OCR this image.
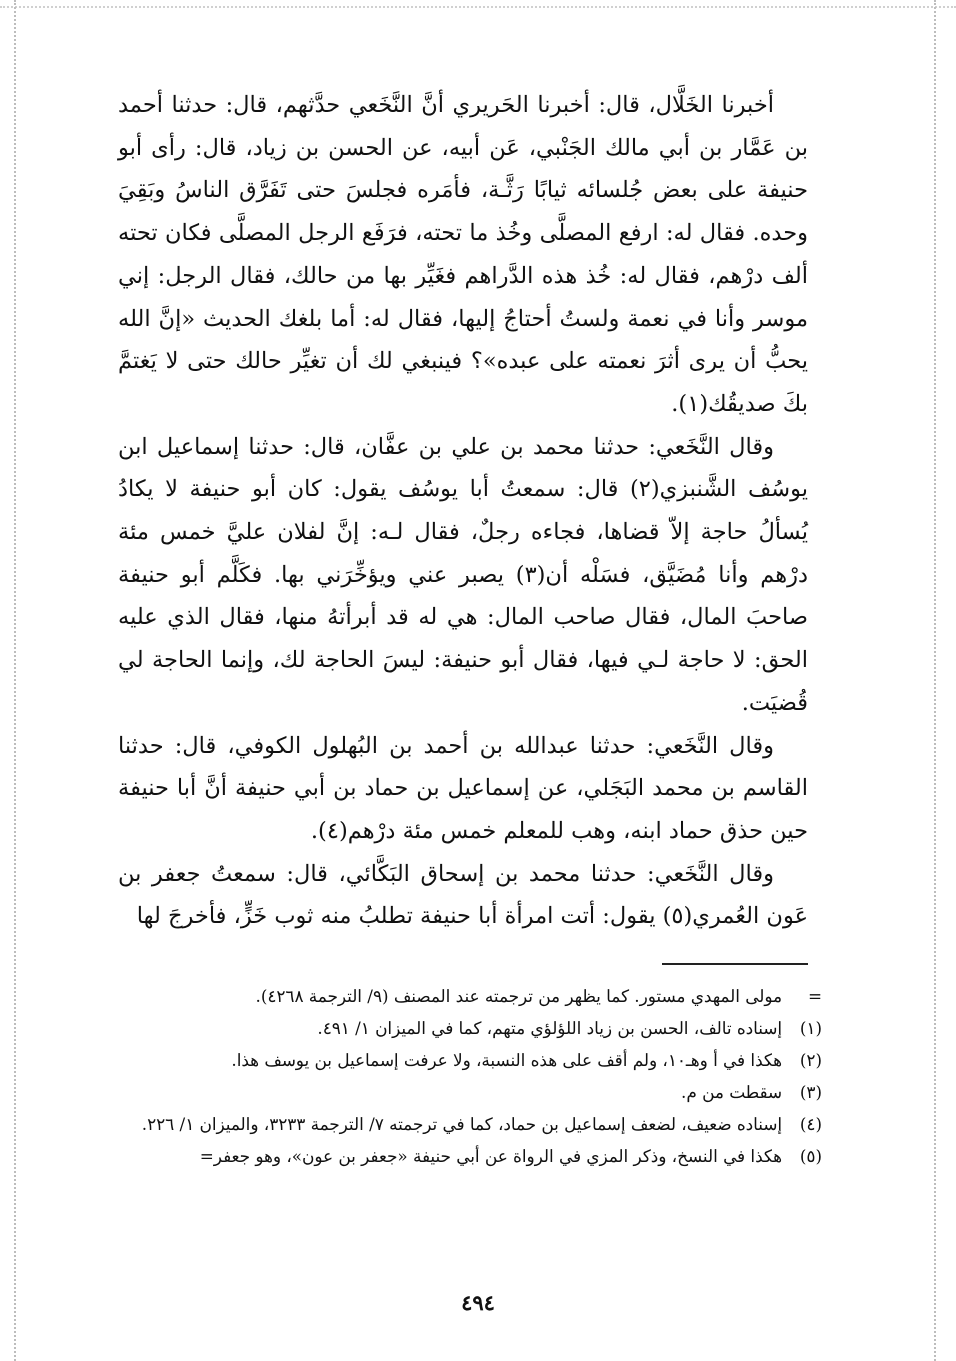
أخبرنا الخَلَّال، قال: أخبرنا الحَريري أنَّ النَّخَعي حدَّثهم، قال: حدثنا أحمد بن عَمَّار بن أبي مالك الجَنْبي، عَن أبيه، عن الحسن بن زياد، قال: رأى أبو حنيفة على بعض جُلسائه ثيابًا رَثَّـة، فأمَره فجلسَ حتى تَفَرَّق الناسُ وبَقِيَ وحده. فقال له: ارفع المصلَّى وخُذ ما تحته، فرَفَع الرجل المصلَّى فكان تحته ألف درْهم، فقال له: خُذ هذه الدَّراهم فغَيِّر بها من حالك، فقال الرجل: إني موسر وأنا في نعمة ولستُ أحتاجُ إليها، فقال له: أما بلغك الحديث «إنَّ الله يحبُّ أن يرى أثرَ نعمته على عبده»؟ فينبغي لك أن تغيِّر حالك حتى لا يَغتمَّ بكَ صديقُك(١).

وقال النَّخَعي: حدثنا محمد بن علي بن عفَّان، قال: حدثنا إسماعيل ابن يوسُف الشَّنبزي(٢) قال: سمعتُ أبا يوسُف يقول: كان أبو حنيفة لا يكادُ يُسألُ حاجة إلاّ قضاها، فجاءه رجلٌ، فقال لـه: إنَّ لفلان عليَّ خمس مئة درْهم وأنا مُضَيَّق، فسَلْه أن(٣) يصبر عني ويؤخِّرَني بها. فكَلَّم أبو حنيفة صاحبَ المال، فقال صاحب المال: هي له قد أبرأتهُ منها، فقال الذي عليه الحق: لا حاجة لـي فيها، فقال أبو حنيفة: ليسَ الحاجة لك، وإنما الحاجة لي قُضيَت.

وقال النَّخَعي: حدثنا عبدالله بن أحمد بن البُهلول الكوفي، قال: حدثنا القاسم بن محمد البَجَلي، عن إسماعيل بن حماد بن أبي حنيفة أنَّ أبا حنيفة حين حذق حماد ابنه، وهب للمعلم خمس مئة درْهم(٤).

وقال النَّخَعي: حدثنا محمد بن إسحاق البَكَّائي، قال: سمعتُ جعفر بن عَون العُمري(٥) يقول: أتت امرأة أبا حنيفة تطلبُ منه ثوب خَزٍّ، فأخرجَ لها

=
مولى المهدي مستور. كما يظهر من ترجمته عند المصنف (٩/ الترجمة ٤٢٦٨).
(١)
إسناده تالف، الحسن بن زياد اللؤلؤي متهم، كما في الميزان ١/ ٤٩١.
(٢)
هكذا في أ وهـ١٠، ولم أقف على هذه النسبة، ولا عرفت إسماعيل بن يوسف هذا.
(٣)
سقطت من م.
(٤)
إسناده ضعيف، لضعف إسماعيل بن حماد، كما في ترجمته ٧/ الترجمة ٣٢٣٣، والميزان ١/ ٢٢٦.
(٥)
هكذا في النسخ، وذكر المزي في الرواة عن أبي حنيفة «جعفر بن عون»، وهو جعفر=
٤٩٤
